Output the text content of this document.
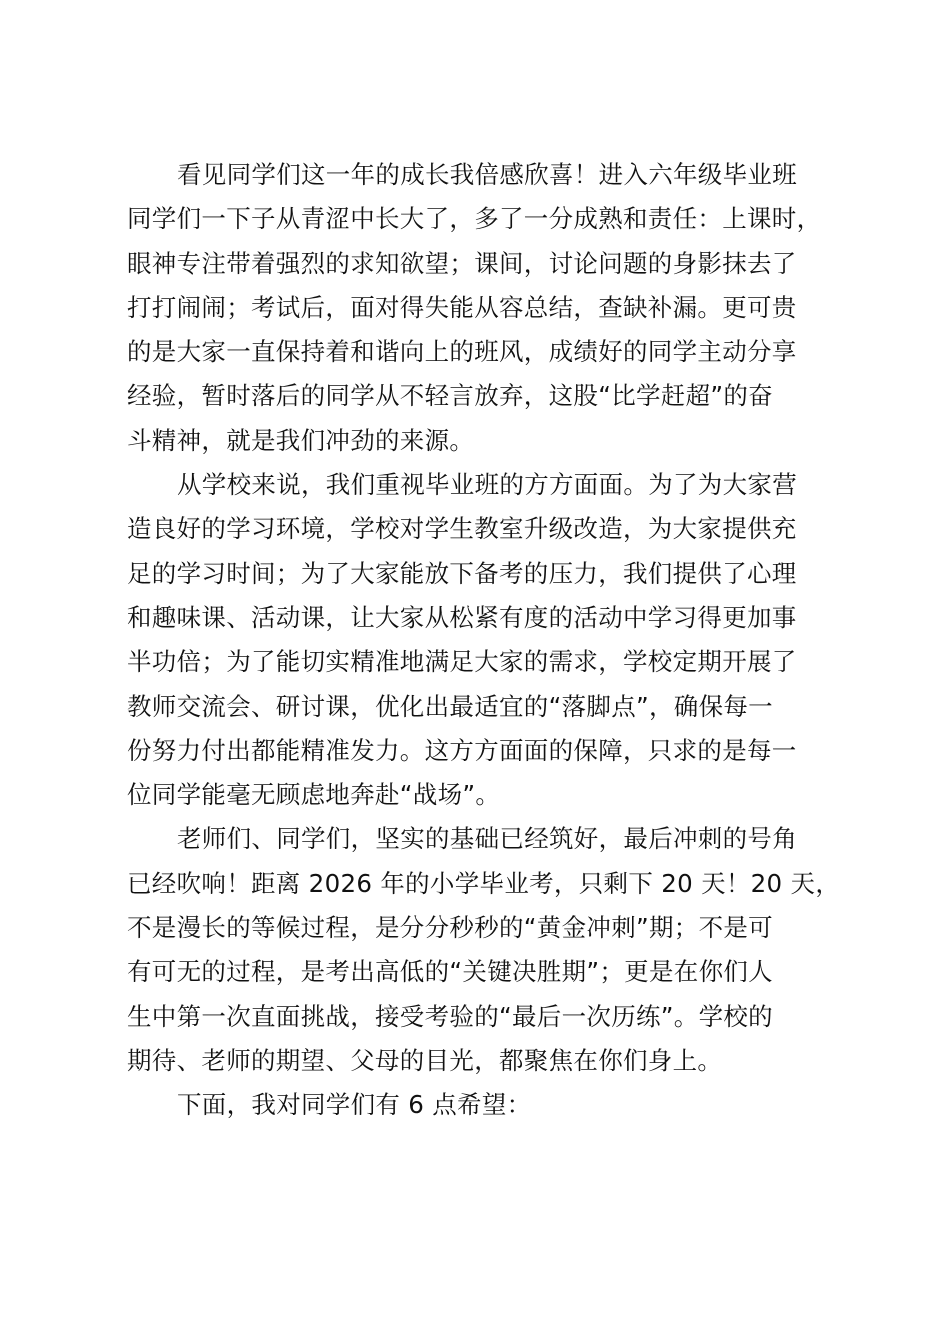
看见同学们这一年的成长我倍感欣喜！进入六年级毕业班
同学们一下子从青涩中长大了，多了一分成熟和责任：上课时，
眼神专注带着强烈的求知欲望；课间，讨论问题的身影抹去了
打打闹闹；考试后，面对得失能从容总结，查缺补漏。更可贵
的是大家一直保持着和谐向上的班风，成绩好的同学主动分享
经验，暂时落后的同学从不轻言放弃，这股“比学赶超”的奋
斗精神，就是我们冲劲的来源。
从学校来说，我们重视毕业班的方方面面。为了为大家营
造良好的学习环境，学校对学生教室升级改造，为大家提供充
足的学习时间；为了大家能放下备考的压力，我们提供了心理
和趣味课、活动课，让大家从松紧有度的活动中学习得更加事
半功倍；为了能切实精准地满足大家的需求，学校定期开展了
教师交流会、研讨课，优化出最适宜的“落脚点”，确保每一
份努力付出都能精准发力。这方方面面的保障，只求的是每一
位同学能毫无顾虑地奔赴“战场”。
老师们、同学们，坚实的基础已经筑好，最后冲刺的号角
已经吹响！距离 2026 年的小学毕业考，只剩下 20 天！20 天，
不是漫长的等候过程，是分分秒秒的“黄金冲刺”期；不是可
有可无的过程，是考出高低的“关键决胜期”；更是在你们人
生中第一次直面挑战，接受考验的“最后一次历练”。学校的
期待、老师的期望、父母的目光，都聚焦在你们身上。
下面，我对同学们有 6 点希望：
